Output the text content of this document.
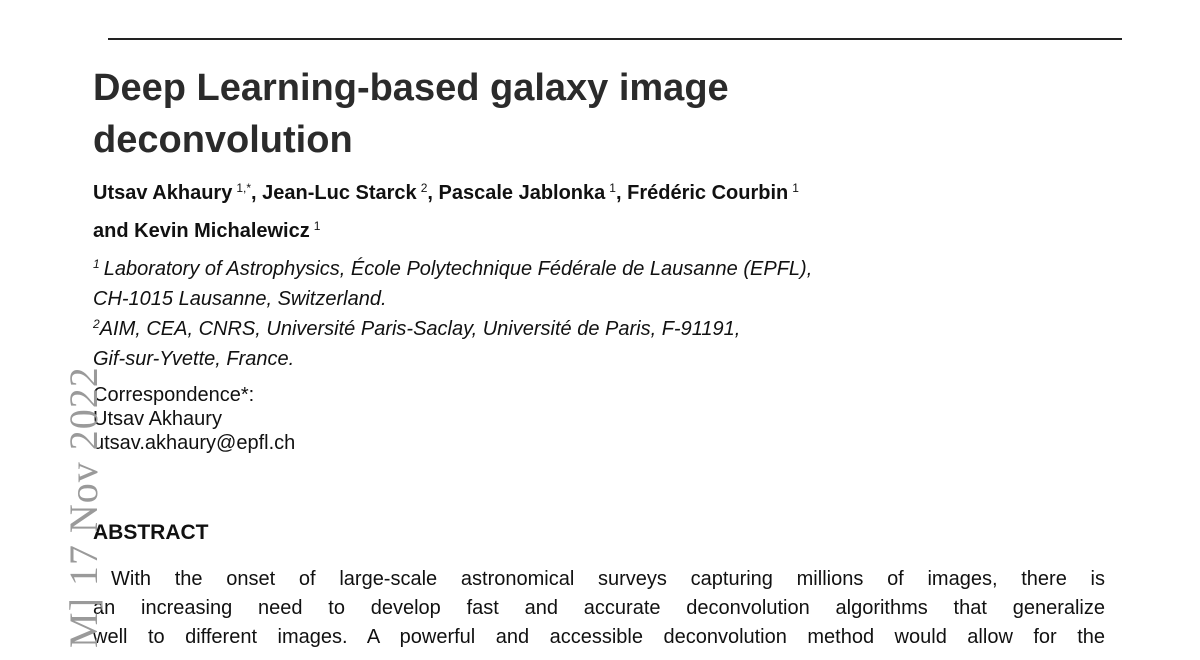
Deep Learning-based galaxy image deconvolution
Utsav Akhaury  $^{1,*}$, Jean-Luc Starck  $^2$, Pascale Jablonka  $^1$, Frédéric Courbin  $^1$
and Kevin Michalewicz  $^1$
$^1$  Laboratory of Astrophysics, École Polytechnique Fédérale de Lausanne (EPFL),
CH-1015 Lausanne, Switzerland.
$^2$AIM, CEA, CNRS, Université Paris-Saclay, Université de Paris, F-91191,
Gif-sur-Yvette, France.
Correspondence*:
Utsav Akhaury
utsav.akhaury@epfl.ch
ABSTRACT
With the onset of large-scale astronomical surveys capturing millions of images, there is
an increasing need to develop fast and accurate deconvolution algorithms that generalize
well to different images. A powerful and accessible deconvolution method would allow for the
M] 17 Nov 2022
